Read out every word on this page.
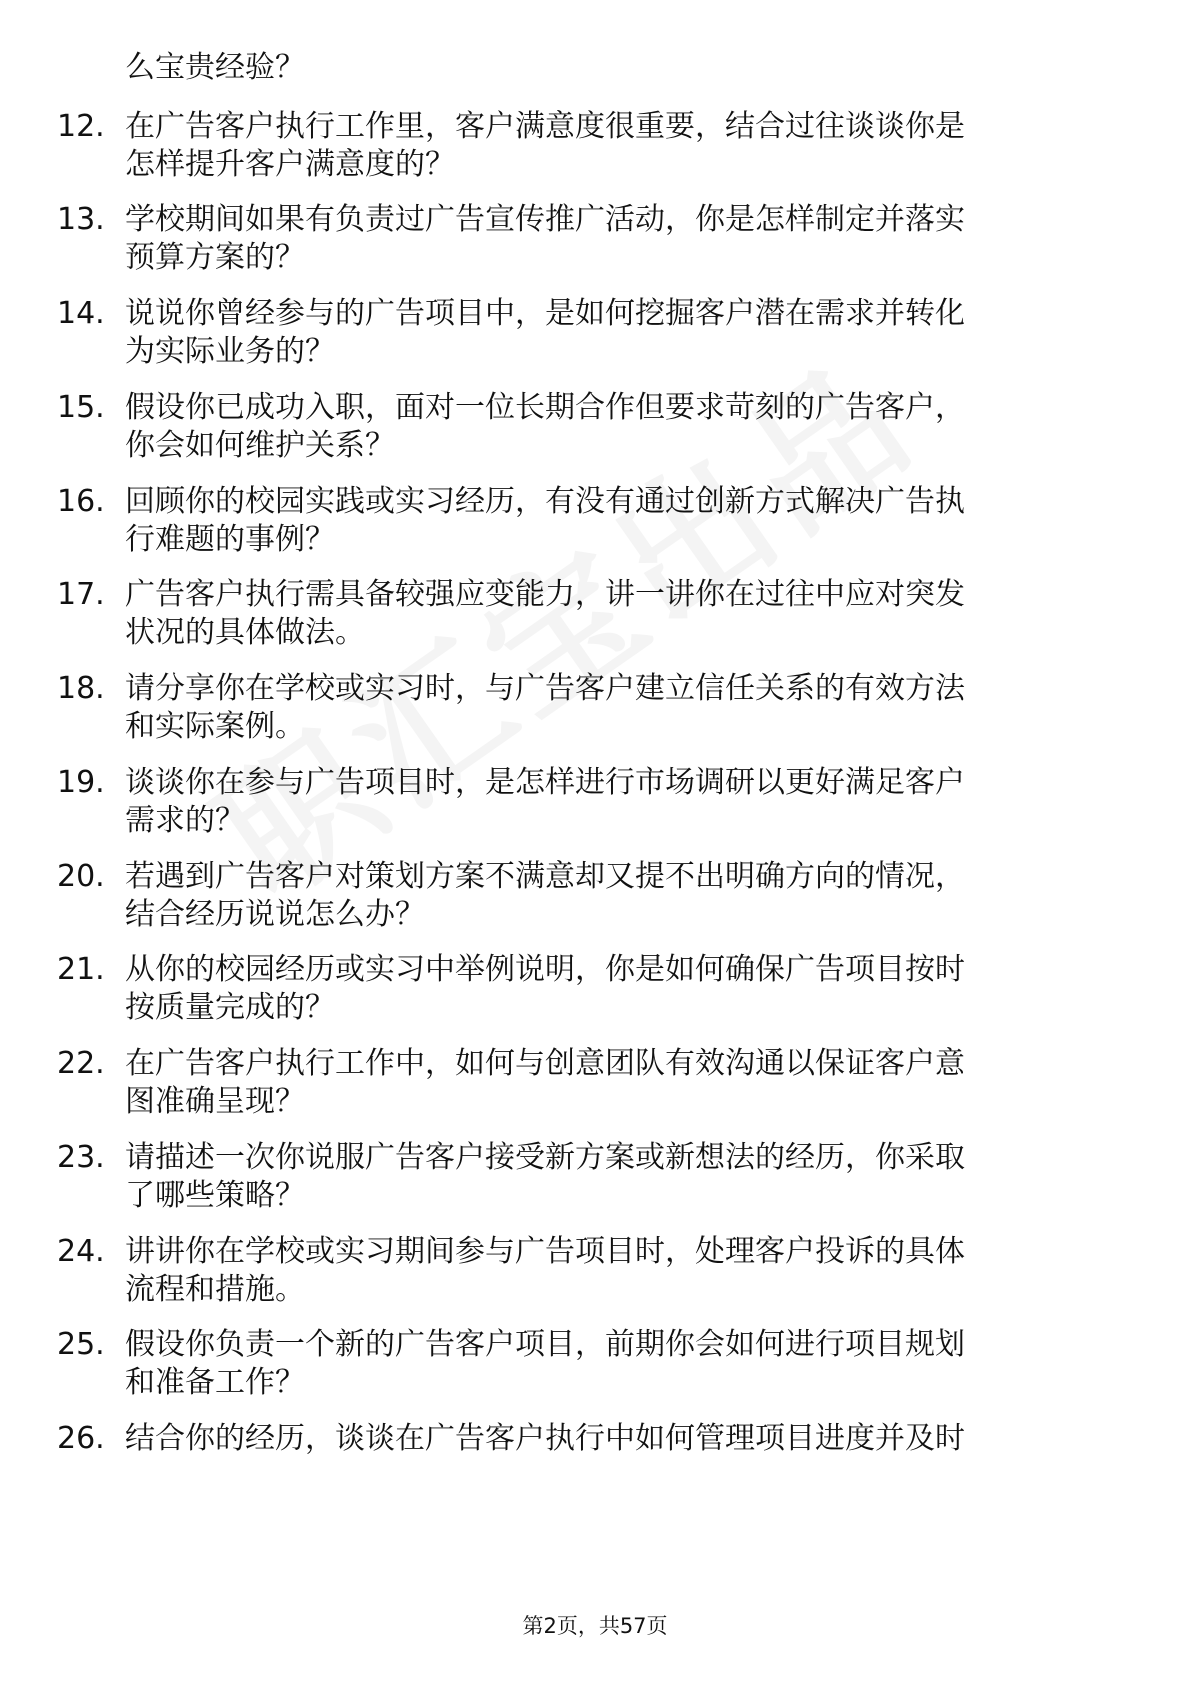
么宝贵经验？
12. 在广告客户执行工作里，客户满意度很重要，结合过往谈谈你是
怎样提升客户满意度的？
13. 学校期间如果有负责过广告宣传推广活动，你是怎样制定并落实
预算方案的？
14. 说说你曾经参与的广告项目中，是如何挖掘客户潜在需求并转化
为实际业务的？
15. 假设你已成功入职，面对一位长期合作但要求苛刻的广告客户，
你会如何维护关系？
16. 回顾你的校园实践或实习经历，有没有通过创新方式解决广告执
行难题的事例？
17. 广告客户执行需具备较强应变能力，讲一讲你在过往中应对突发
状况的具体做法。
18. 请分享你在学校或实习时，与广告客户建立信任关系的有效方法
和实际案例。
19. 谈谈你在参与广告项目时，是怎样进行市场调研以更好满足客户
需求的？
20. 若遇到广告客户对策划方案不满意却又提不出明确方向的情况，
结合经历说说怎么办？
21. 从你的校园经历或实习中举例说明，你是如何确保广告项目按时
按质量完成的？
22. 在广告客户执行工作中，如何与创意团队有效沟通以保证客户意
图准确呈现？
23. 请描述一次你说服广告客户接受新方案或新想法的经历，你采取
了哪些策略？
24. 讲讲你在学校或实习期间参与广告项目时，处理客户投诉的具体
流程和措施。
25. 假设你负责一个新的广告客户项目，前期你会如何进行项目规划
和准备工作？
26. 结合你的经历，谈谈在广告客户执行中如何管理项目进度并及时
第2页，共57页
